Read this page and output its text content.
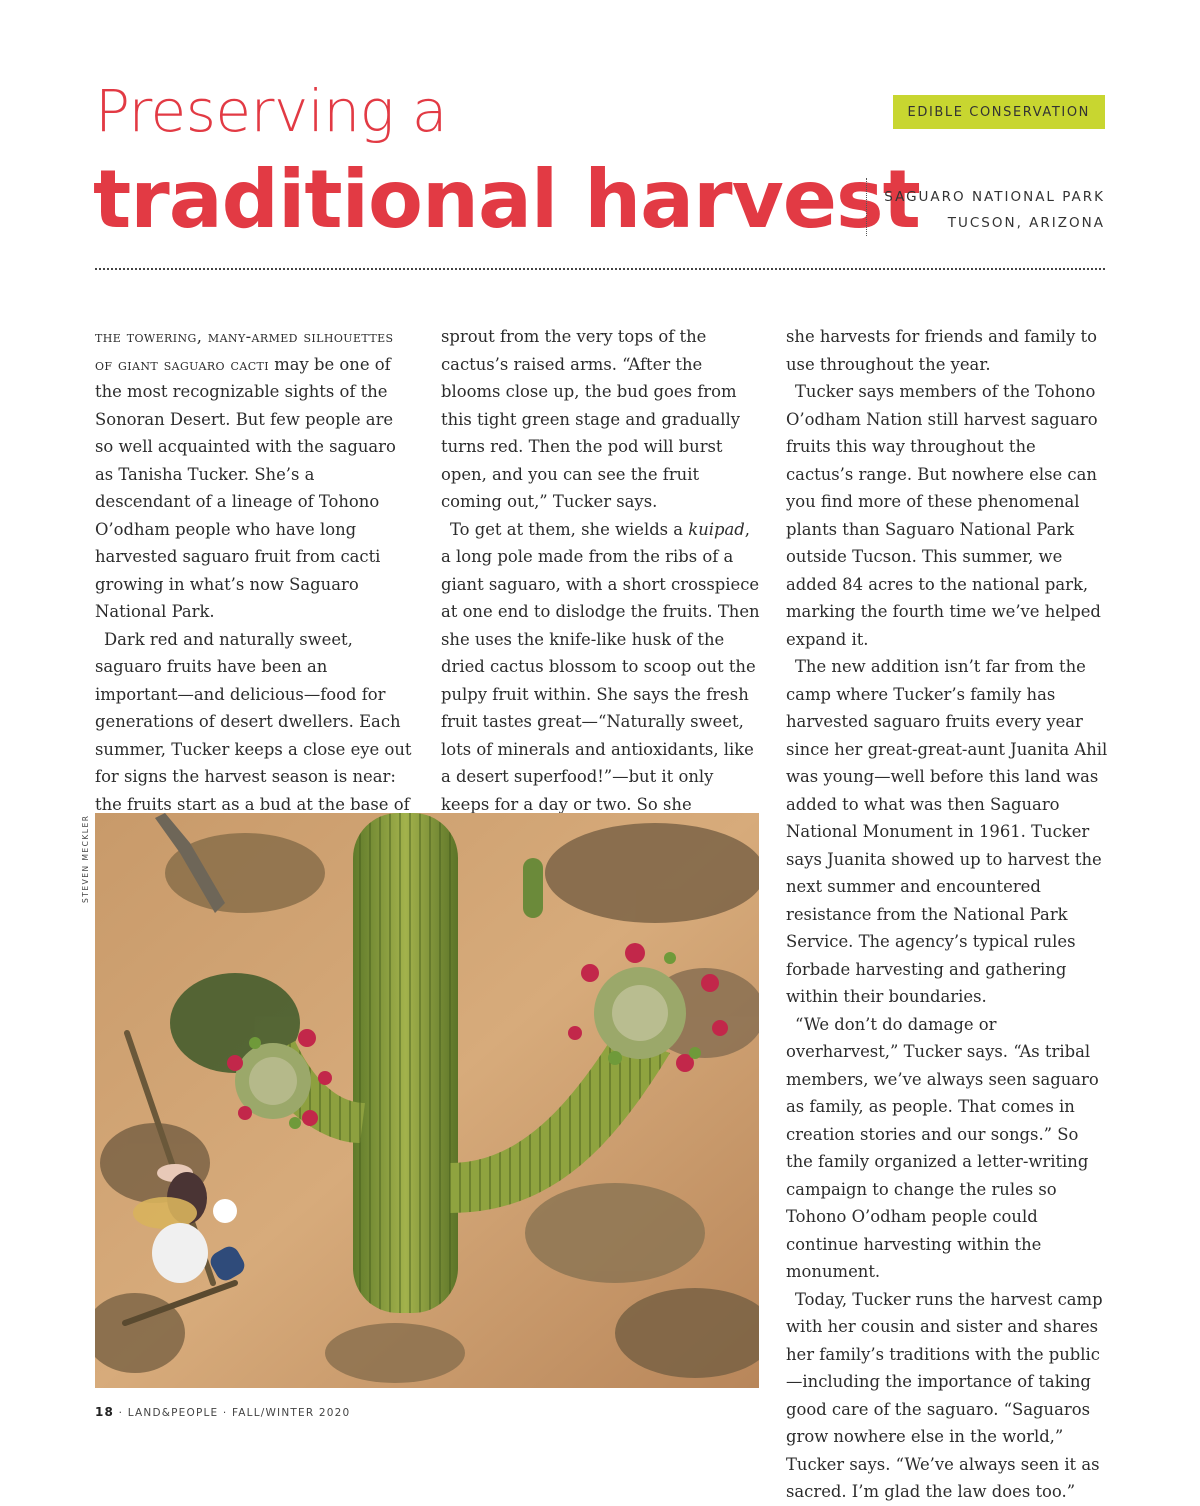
Preserving a
traditional harvest
EDIBLE CONSERVATION
SAGUARO NATIONAL PARK
TUCSON, ARIZONA

the towering, many-armed silhouettes of giant saguaro cacti may be one of the most recognizable sights of the Sonoran Desert. But few people are so well acquainted with the saguaro as Tanisha Tucker. She’s a descendant of a lineage of Tohono O’odham people who have long harvested saguaro fruit from cacti growing in what’s now Saguaro National Park.

Dark red and naturally sweet, saguaro fruits have been an important—and delicious—food for generations of desert dwellers. Each summer, Tucker keeps a close eye out for signs the harvest season is near: the fruits start as a bud at the base of

sprout from the very tops of the cactus’s raised arms. “After the blooms close up, the bud goes from this tight green stage and gradually turns red. Then the pod will burst open, and you can see the fruit coming out,” Tucker says.

To get at them, she wields a kuipad, a long pole made from the ribs of a giant saguaro, with a short crosspiece at one end to dislodge the fruits. Then she uses the knife-like husk of the dried cactus blossom to scoop out the pulpy fruit within. She says the fresh fruit tastes great—“Naturally sweet, lots of minerals and antioxidants, like a desert superfood!”—but it only keeps for a day or two. So she

she harvests for friends and family to use throughout the year.

Tucker says members of the Tohono O’odham Nation still harvest saguaro fruits this way throughout the cactus’s range. But nowhere else can you find more of these phenomenal plants than Saguaro National Park outside Tucson. This summer, we added 84 acres to the national park, marking the fourth time we’ve helped expand it.

The new addition isn’t far from the camp where Tucker’s family has harvested saguaro fruits every year since her great-great-aunt Juanita Ahil was young—well before this land was added to what was then Saguaro National Monument in 1961. Tucker says Juanita showed up to harvest the next summer and encountered resistance from the National Park Service. The agency’s typical rules forbade harvesting and gathering within their boundaries.

“We don’t do damage or overharvest,” Tucker says. “As tribal members, we’ve always seen saguaro as family, as people. That comes in creation stories and our songs.” So the family organized a letter-writing campaign to change the rules so Tohono O’odham people could continue harvesting within the monument.

Today, Tucker runs the harvest camp with her cousin and sister and shares her family’s traditions with the public—including the importance of taking good care of the saguaro. “Saguaros grow nowhere else in the world,” Tucker says. “We’ve always seen it as sacred. I’m glad the law does too.”

STEVEN MECKLER
18 · LAND&PEOPLE · FALL/WINTER 2020
